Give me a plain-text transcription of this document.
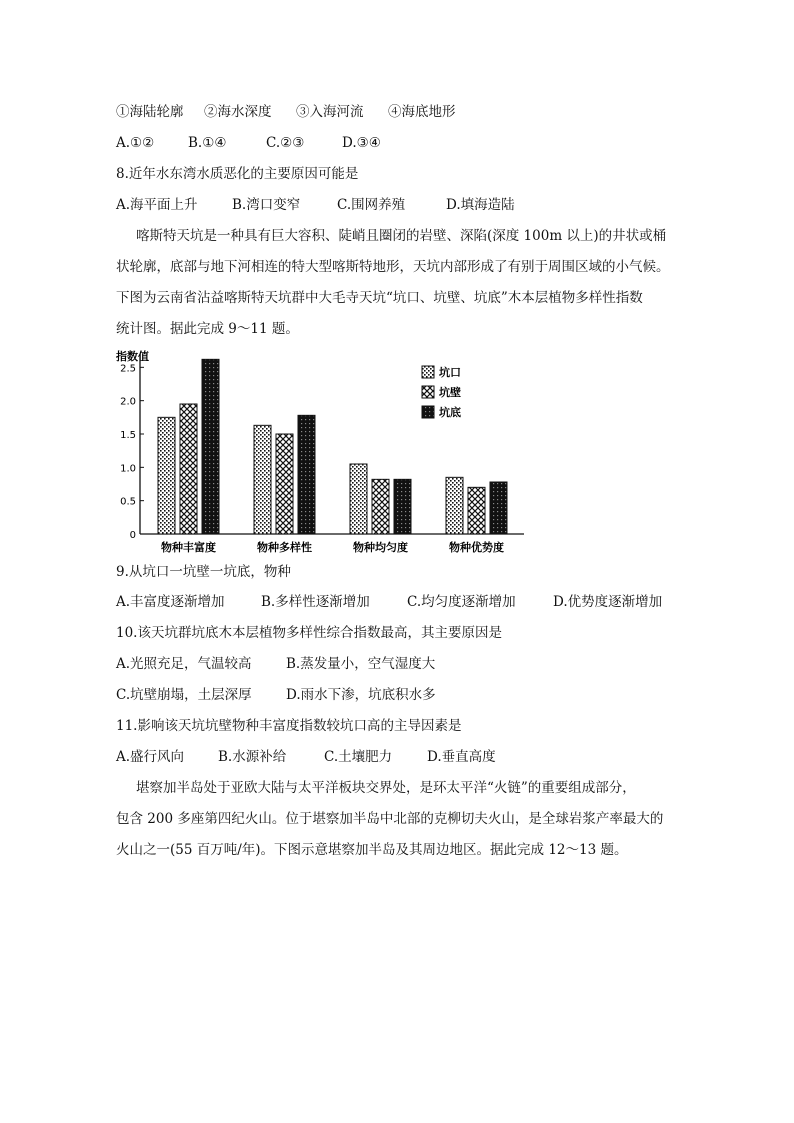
①海陆轮廓 ②海水深度 ③入海河流 ④海底地形
A.①②	B.①④	C.②③	D.③④
8.近年水东湾水质恶化的主要原因可能是
A.海平面上升	B.湾口变窄	C.围网养殖	D.填海造陆
喀斯特天坑是一种具有巨大容积、陡峭且圈闭的岩壁、深陷(深度 100m 以上)的井状或桶
状轮廓，底部与地下河相连的特大型喀斯特地形，天坑内部形成了有别于周围区域的小气候。
下图为云南省沾益喀斯特天坑群中大毛寺天坑“坑口、坑壁、坑底”木本层植物多样性指数
统计图。据此完成 9～11 题。
指数值
0
0.5
1.0
1.5
2.0
2.5
物种丰富度	物种多样性	物种均匀度	物种优势度
坑口
坑壁
坑底
9.从坑口一坑壁一坑底，物种
A.丰富度逐渐增加	B.多样性逐渐增加	C.均匀度逐渐增加	D.优势度逐渐增加
10.该天坑群坑底木本层植物多样性综合指数最高，其主要原因是
A.光照充足，气温较高	B.蒸发量小，空气湿度大
C.坑壁崩塌，土层深厚	D.雨水下渗，坑底积水多
11.影响该天坑坑壁物种丰富度指数较坑口高的主导因素是
A.盛行风向	B.水源补给	C.土壤肥力	D.垂直高度
堪察加半岛处于亚欧大陆与太平洋板块交界处，是环太平洋“火链”的重要组成部分，
包含 200 多座第四纪火山。位于堪察加半岛中北部的克柳切夫火山，是全球岩浆产率最大的
火山之一(55 百万吨/年)。下图示意堪察加半岛及其周边地区。据此完成 12～13 题。
